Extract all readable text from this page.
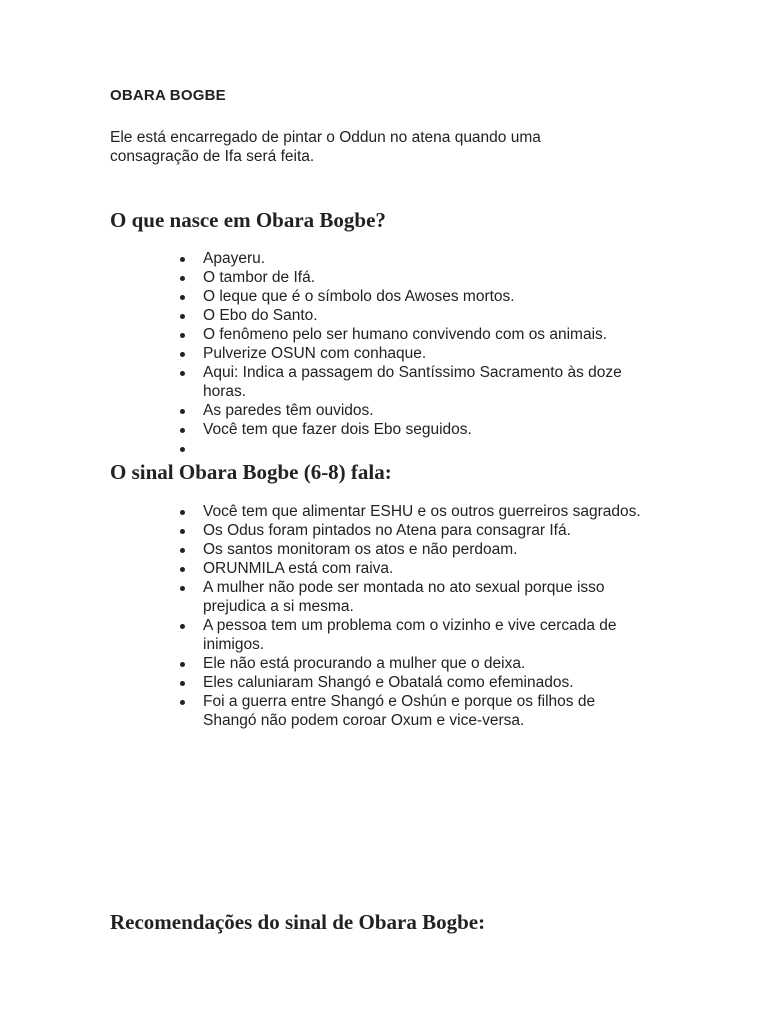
OBARA BOGBE

Ele está encarregado de pintar o Oddun no atena quando uma consagração de Ifa será feita.

O que nasce em Obara Bogbe?
Apayeru.
O tambor de Ifá.
O leque que é o símbolo dos Awoses mortos.
O Ebo do Santo.
O fenômeno pelo ser humano convivendo com os animais.
Pulverize OSUN com conhaque.
Aqui: Indica a passagem do Santíssimo Sacramento às doze horas.
As paredes têm ouvidos.
Você tem que fazer dois Ebo seguidos.
O sinal Obara Bogbe (6-8) fala:
Você tem que alimentar ESHU e os outros guerreiros sagrados.
Os Odus foram pintados no Atena para consagrar Ifá.
Os santos monitoram os atos e não perdoam.
ORUNMILA está com raiva.
A mulher não pode ser montada no ato sexual porque isso prejudica a si mesma.
A pessoa tem um problema com o vizinho e vive cercada de inimigos.
Ele não está procurando a mulher que o deixa.
Eles caluniaram Shangó e Obatalá como efeminados.
Foi a guerra entre Shangó e Oshún e porque os filhos de Shangó não podem coroar Oxum e vice-versa.
Recomendações do sinal de Obara Bogbe:
